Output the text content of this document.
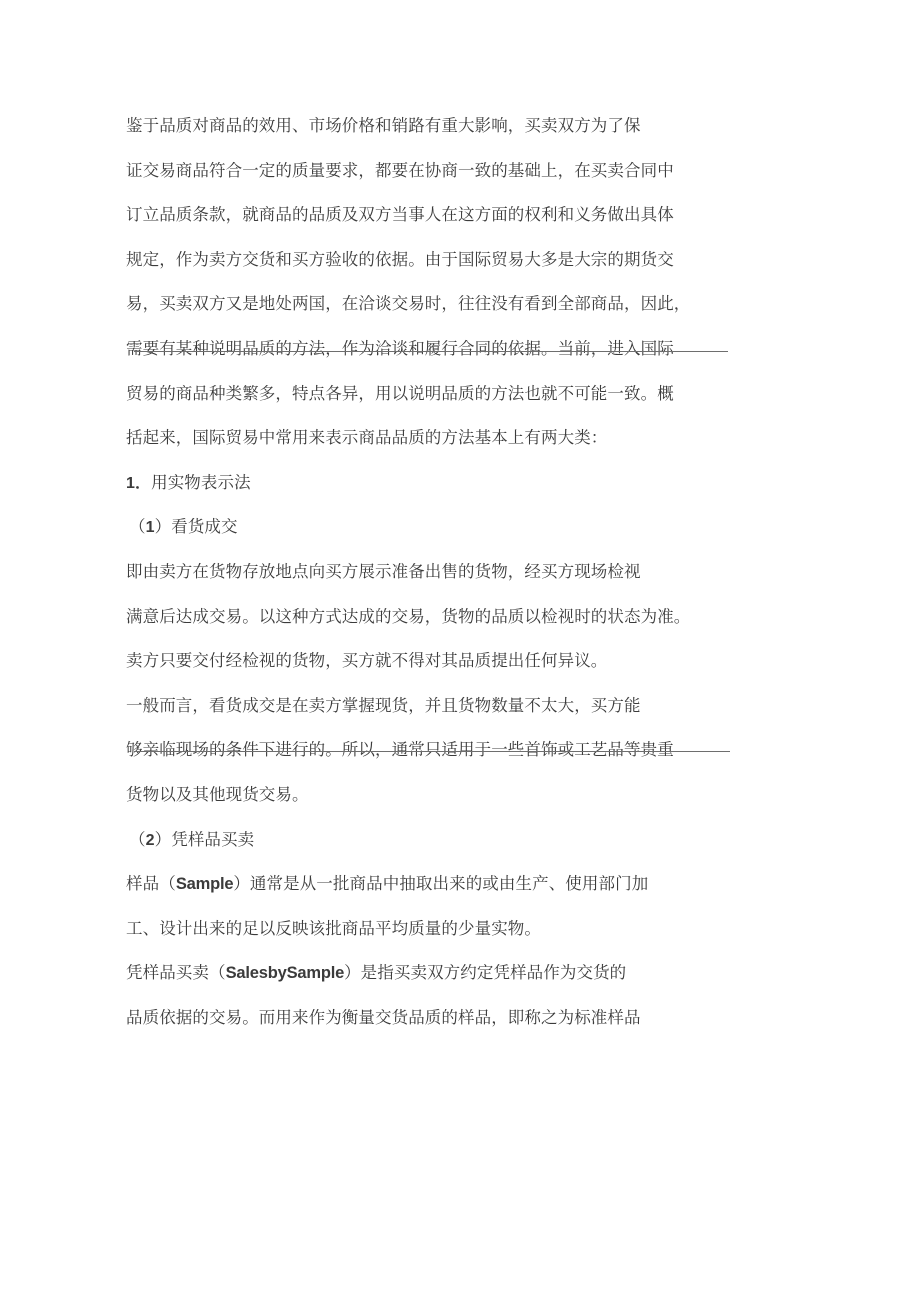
鉴于品质对商品的效用、市场价格和销路有重大影响，买卖双方为了保
证交易商品符合一定的质量要求，都要在协商一致的基础上，在买卖合同中
订立品质条款，就商品的品质及双方当事人在这方面的权利和义务做出具体
规定，作为卖方交货和买方验收的依据。由于国际贸易大多是大宗的期货交
易，买卖双方又是地处两国，在洽谈交易时，往往没有看到全部商品，因此，
需要有某种说明品质的方法，作为洽谈和履行合同的依据。当前，进入国际
贸易的商品种类繁多，特点各异，用以说明品质的方法也就不可能一致。概
括起来，国际贸易中常用来表示商品品质的方法基本上有两大类：
1．用实物表示法
（1）看货成交
即由卖方在货物存放地点向买方展示准备出售的货物，经买方现场检视
满意后达成交易。以这种方式达成的交易，货物的品质以检视时的状态为准。
卖方只要交付经检视的货物，买方就不得对其品质提出任何异议。
一般而言，看货成交是在卖方掌握现货，并且货物数量不太大，买方能
够亲临现场的条件下进行的。所以，通常只适用于一些首饰或工艺品等贵重
货物以及其他现货交易。
（2）凭样品买卖
样品（Sample）通常是从一批商品中抽取出来的或由生产、使用部门加
工、设计出来的足以反映该批商品平均质量的少量实物。
凭样品买卖（SalesbySample）是指买卖双方约定凭样品作为交货的
品质依据的交易。而用来作为衡量交货品质的样品，即称之为标准样品
